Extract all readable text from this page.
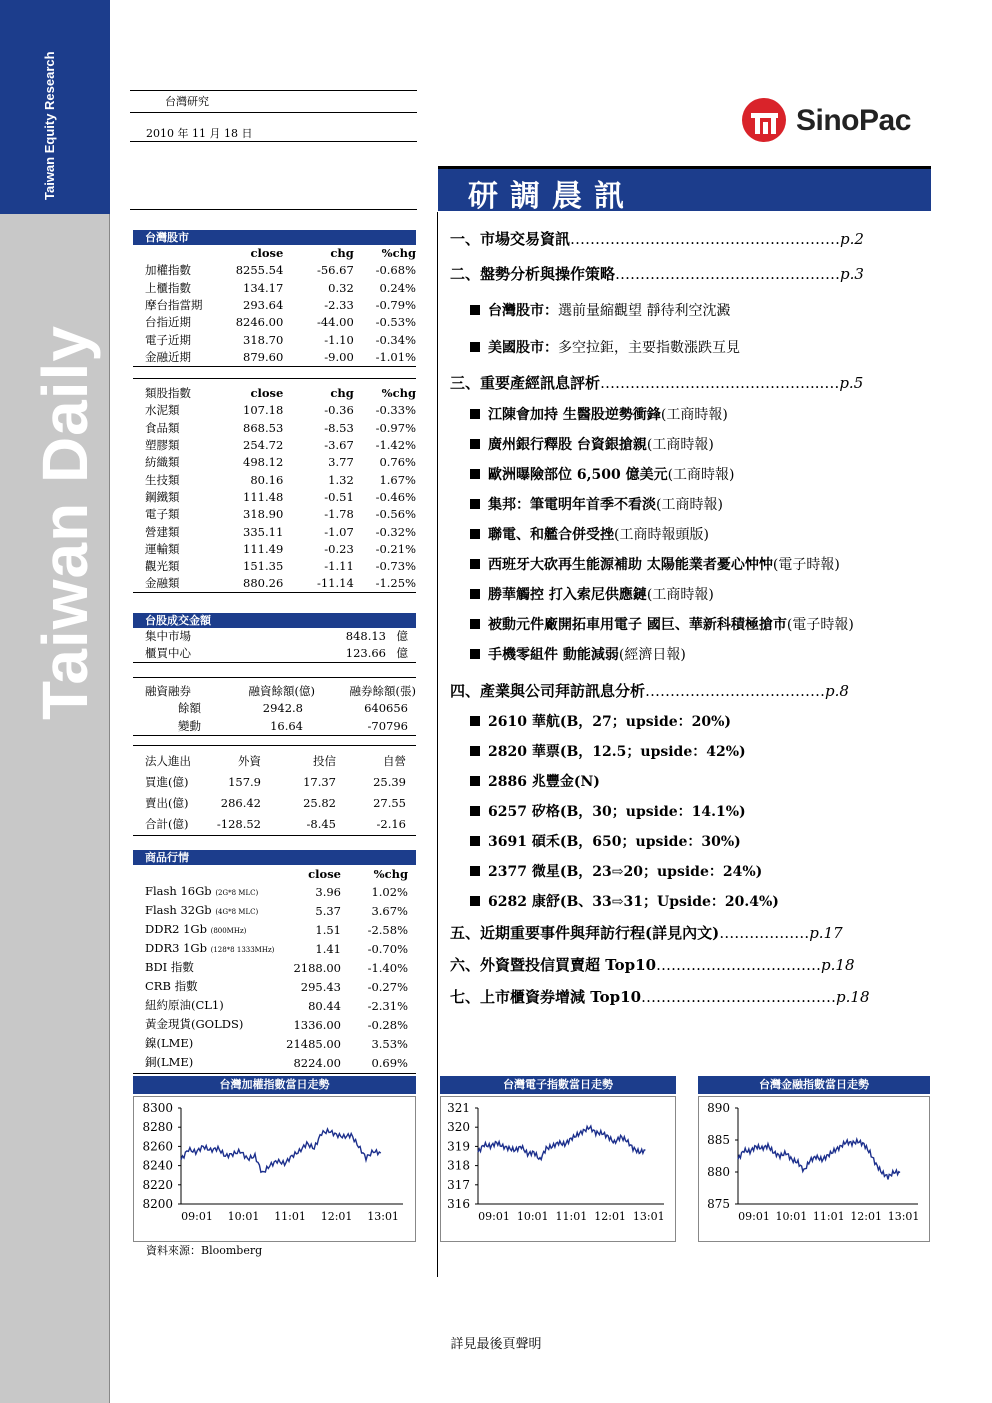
Taiwan Equity Research
Taiwan Daily
台灣研究
2010 年 11 月 18 日	SinoPac
研調晨訊
台灣股市
	close	chg	%chg
加權指數	8255.54	-56.67	-0.68%
上櫃指數	134.17	0.32	0.24%
摩台指當期	293.64	-2.33	-0.79%
台指近期	8246.00	-44.00	-0.53%
電子近期	318.70	-1.10	-0.34%
金融近期	879.60	-9.00	-1.01%
類股指數	close	chg	%chg
水泥類	107.18	-0.36	-0.33%
食品類	868.53	-8.53	-0.97%
塑膠類	254.72	-3.67	-1.42%
紡織類	498.12	3.77	0.76%
生技類	80.16	1.32	1.67%
鋼鐵類	111.48	-0.51	-0.46%
電子類	318.90	-1.78	-0.56%
營建類	335.11	-1.07	-0.32%
運輸類	111.49	-0.23	-0.21%
觀光類	151.35	-1.11	-0.73%
金融類	880.26	-11.14	-1.25%
台股成交金額
集中市場	848.13	億
櫃買中心	123.66	億
融資融券	融資餘額(億)	融券餘額(張)
餘額	2942.8	640656
變動	16.64	-70796
法人進出	外資	投信	自營
買進(億)	157.9	17.37	25.39
賣出(億)	286.42	25.82	27.55
合計(億)	-128.52	-8.45	-2.16
商品行情
	close	%chg
Flash 16Gb (2G*8 MLC)	3.96	1.02%
Flash 32Gb (4G*8 MLC)	5.37	3.67%
DDR2 1Gb (800MHz)	1.51	-2.58%
DDR3 1Gb (128*8 1333MHz)	1.41	-0.70%
BDI 指數	2188.00	-1.40%
CRB 指數	295.43	-0.27%
紐約原油(CL1)	80.44	-2.31%
黃金現貨(GOLDS)	1336.00	-0.28%
鎳(LME)	21485.00	3.53%
銅(LME)	8224.00	0.69%
一、市場交易資訊………………………………………………p.2
二、盤勢分析與操作策略………………………………………p.3
台灣股市：選前量縮觀望 靜待利空沈澱
美國股市：多空拉鉅，主要指數漲跌互見
三、重要產經訊息評析……………………………………...…p.5
江陳會加持 生醫股逆勢衝鋒(工商時報)
廣州銀行釋股 台資銀搶親(工商時報)
歐洲曝險部位 6,500 億美元(工商時報)
集邦：筆電明年首季不看淡(工商時報)
聯電、和艦合併受挫(工商時報頭版)
西班牙大砍再生能源補助 太陽能業者憂心忡忡(電子時報)
勝華觸控 打入索尼供應鏈(工商時報)
被動元件廠開拓車用電子 國巨、華新科積極搶市(電子時報)
手機零組件 動能減弱(經濟日報)
四、產業與公司拜訪訊息分析………………………………p.8
2610 華航(B，27；upside：20%)
2820 華票(B，12.5；upside：42%)
2886 兆豐金(N)
6257 矽格(B，30；upside：14.1%)
3691 碩禾(B，650；upside：30%)
2377 微星(B，23⇨20；upside：24%)
6282 康舒(B、33⇨31；Upside：20.4%)
五、近期重要事件與拜訪行程(詳見內文)………………p.17
六、外資暨投信買賣超 Top10……………………………p.18
七、上市櫃資券增減 Top10…………………………………p.18
台灣加權指數當日走勢
8300
8280
8260
8240
8220
8200
09:01 10:01 11:01 12:01 13:01
台灣電子指數當日走勢
321
320
319
318
317
316
09:01 10:01 11:01 12:01 13:01
台灣金融指數當日走勢
890
885
880
875
09:01 10:01 11:01 12:01 13:01
資料來源：Bloomberg
詳見最後頁聲明
